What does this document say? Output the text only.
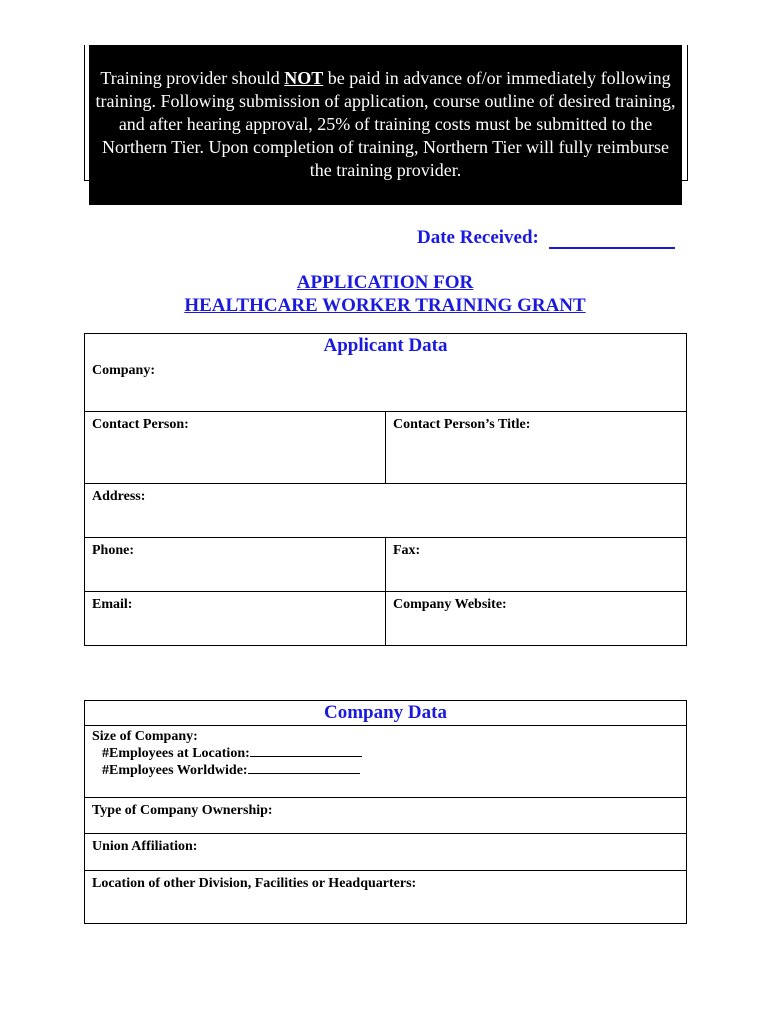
Training provider should NOT be paid in advance of/or immediately following training. Following submission of application, course outline of desired training, and after hearing approval, 25% of training costs must be submitted to the Northern Tier. Upon completion of training, Northern Tier will fully reimburse the training provider.
Date Received:
APPLICATION FOR
HEALTHCARE WORKER TRAINING GRANT
Applicant Data
Company:
Contact Person:	Contact Person’s Title:
Address:
Phone:	Fax:
Email:	Company Website:
Company Data
Size of Company:
#Employees at Location:
#Employees Worldwide:
Type of Company Ownership:
Union Affiliation:
Location of other Division, Facilities or Headquarters:
